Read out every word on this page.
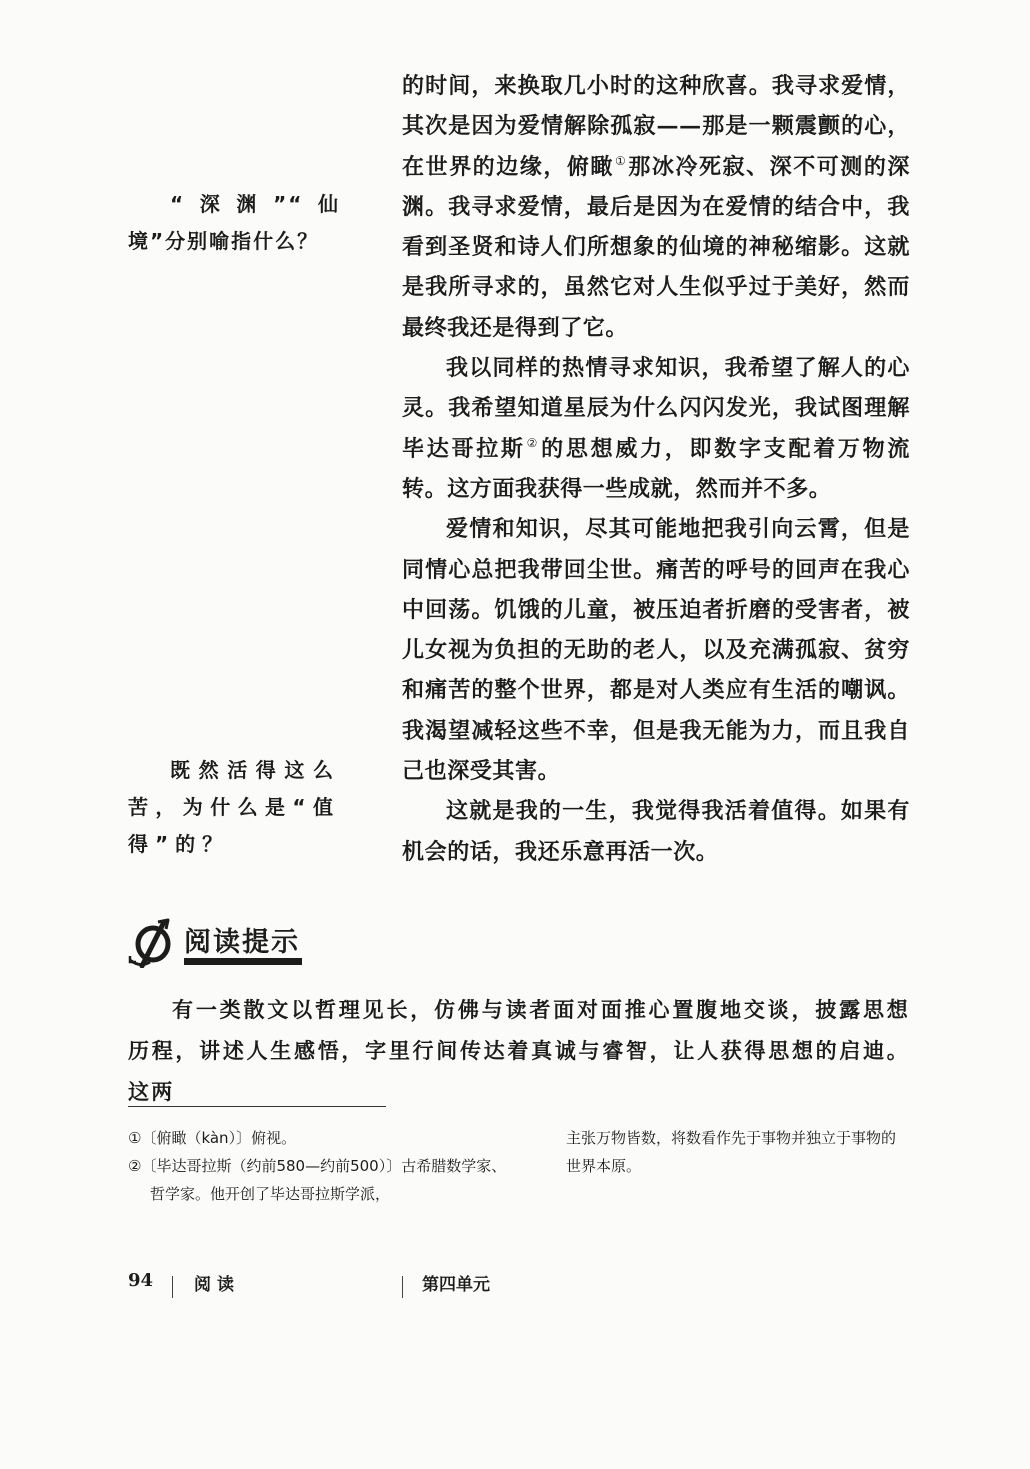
的时间，来换取几小时的这种欣喜。我寻求爱情，其次是因为爱情解除孤寂——那是一颗震颤的心，在世界的边缘，俯瞰①那冰冷死寂、深不可测的深渊。我寻求爱情，最后是因为在爱情的结合中，我看到圣贤和诗人们所想象的仙境的神秘缩影。这就是我所寻求的，虽然它对人生似乎过于美好，然而最终我还是得到了它。

我以同样的热情寻求知识，我希望了解人的心灵。我希望知道星辰为什么闪闪发光，我试图理解毕达哥拉斯②的思想威力，即数字支配着万物流转。这方面我获得一些成就，然而并不多。

爱情和知识，尽其可能地把我引向云霄，但是同情心总把我带回尘世。痛苦的呼号的回声在我心中回荡。饥饿的儿童，被压迫者折磨的受害者，被儿女视为负担的无助的老人，以及充满孤寂、贫穷和痛苦的整个世界，都是对人类应有生活的嘲讽。我渴望减轻这些不幸，但是我无能为力，而且我自己也深受其害。

这就是我的一生，我觉得我活着值得。如果有机会的话，我还乐意再活一次。

“深渊”“仙境”分别喻指什么？
既然活得这么苦，为什么是“值得”的？
阅读提示

有一类散文以哲理见长，仿佛与读者面对面推心置腹地交谈，披露思想历程，讲述人生感悟，字里行间传达着真诚与睿智，让人获得思想的启迪。这两

①〔俯瞰（kàn）〕俯视。

②〔毕达哥拉斯（约前580—约前500）〕古希腊数学家、哲学家。他开创了毕达哥拉斯学派，

主张万物皆数，将数看作先于事物并独立于事物的世界本原。

94 阅读	第四单元
